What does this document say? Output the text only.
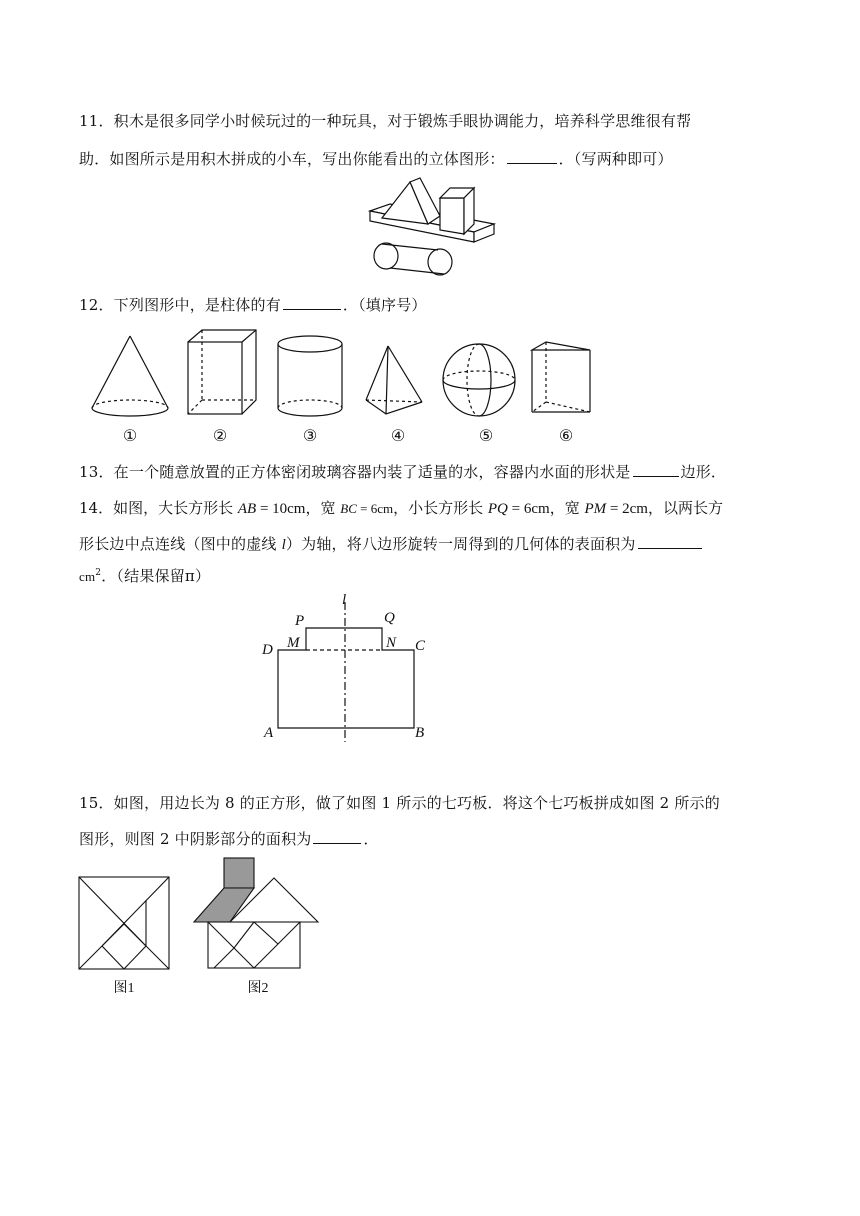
11．积木是很多同学小时候玩过的一种玩具，对于锻炼手眼协调能力，培养科学思维很有帮
助．如图所示是用积木拼成的小车，写出你能看出的立体图形：	．（写两种即可）
12．下列图形中，是柱体的有	．（填序号）
①	②	③	④	⑤	⑥
13．在一个随意放置的正方体密闭玻璃容器内装了适量的水，容器内水面的形状是	边形．
14．如图，大长方形长 AB = 10cm，宽 BC = 6cm，小长方形长 PQ = 6cm，宽 PM = 2cm，以两长方
形长边中点连线（图中的虚线 l）为轴，将八边形旋转一周得到的几何体的表面积为
$cm^2$．（结果保留π）
l
P	Q
M	N C
D
A	B
15．如图，用边长为 8 的正方形，做了如图 1 所示的七巧板．将这个七巧板拼成如图 2 所示的
图形，则图 2 中阴影部分的面积为	．
图1	图2
